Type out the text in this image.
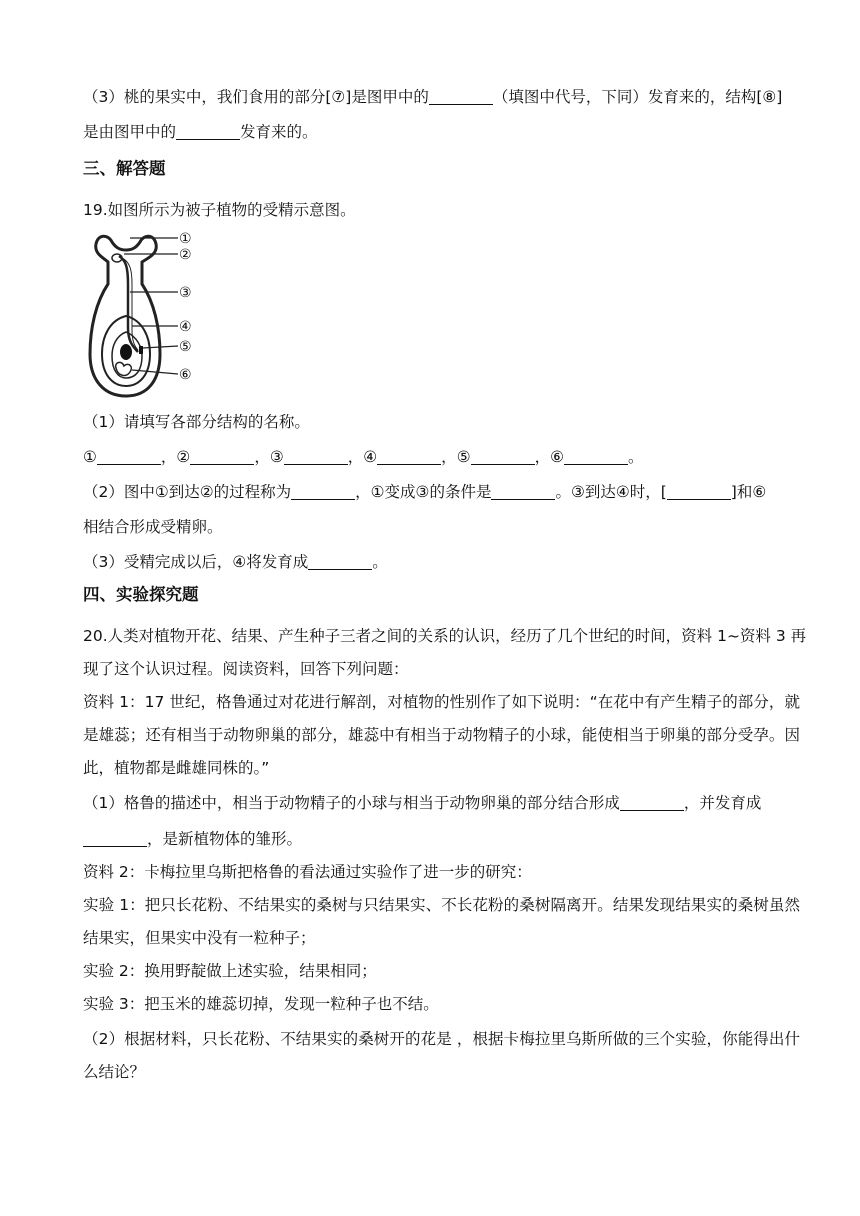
（3）桃的果实中，我们食用的部分[⑦]是图甲中的	（填图中代号，下同）发育来的，结构[⑧]
是由图甲中的	发育来的。
三、解答题
19.如图所示为被子植物的受精示意图。
①
②
③
④
⑤
⑥
（1）请填写各部分结构的名称。
①	，②	，③	，④	，⑤	，⑥	。
（2）图中①到达②的过程称为	，①变成③的条件是	。③到达④时，[	]和⑥
相结合形成受精卵。
（3）受精完成以后，④将发育成	。
四、实验探究题
20.人类对植物开花、结果、产生种子三者之间的关系的认识，经历了几个世纪的时间，资料 1~资料 3 再
现了这个认识过程。阅读资料，回答下列问题：
资料 1：17 世纪，格鲁通过对花进行解剖，对植物的性别作了如下说明：“在花中有产生精子的部分，就
是雄蕊；还有相当于动物卵巢的部分，雄蕊中有相当于动物精子的小球，能使相当于卵巢的部分受孕。因
此，植物都是雌雄同株的。”
（1）格鲁的描述中，相当于动物精子的小球与相当于动物卵巢的部分结合形成	，并发育成
，是新植物体的雏形。
资料 2：卡梅拉里乌斯把格鲁的看法通过实验作了进一步的研究：
实验 1：把只长花粉、不结果实的桑树与只结果实、不长花粉的桑树隔离开。结果发现结果实的桑树虽然
结果实，但果实中没有一粒种子；
实验 2：换用野靛做上述实验，结果相同；
实验 3：把玉米的雄蕊切掉，发现一粒种子也不结。
（2）根据材料，只长花粉、不结果实的桑树开的花是 ，根据卡梅拉里乌斯所做的三个实验，你能得出什
么结论？
